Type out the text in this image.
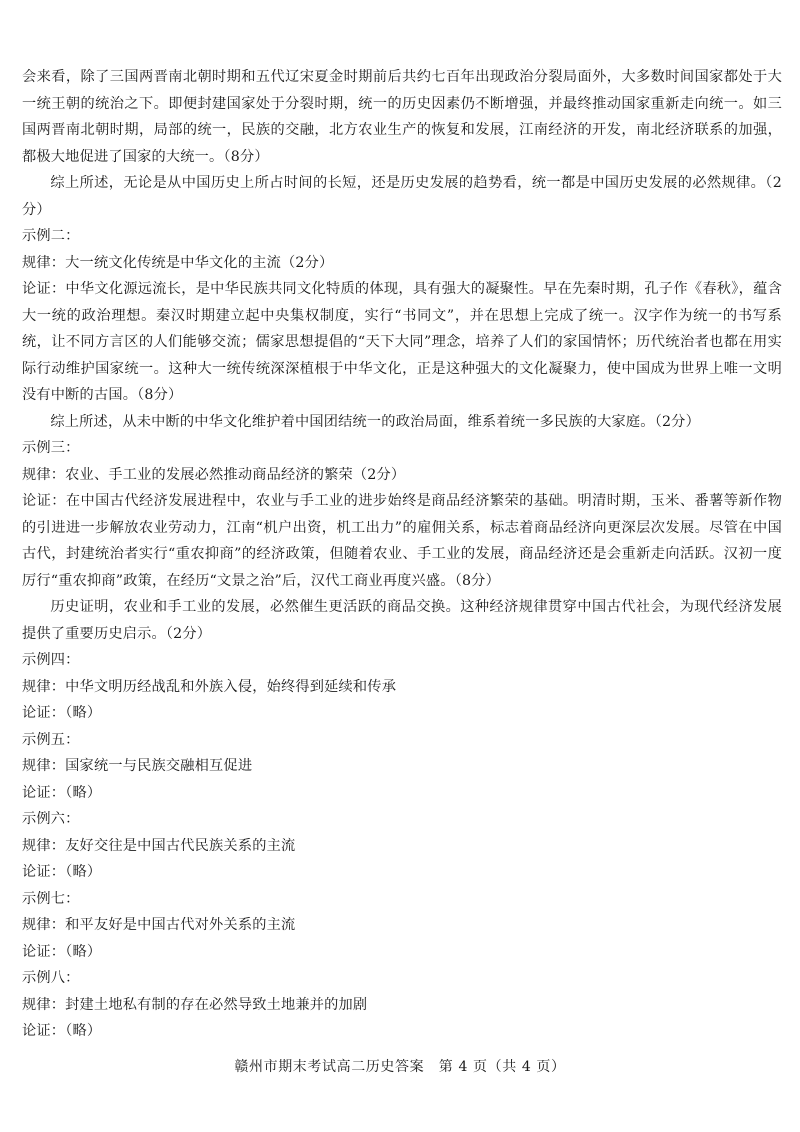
会来看，除了三国两晋南北朝时期和五代辽宋夏金时期前后共约七百年出现政治分裂局面外，大多数时间国家都处于大一统王朝的统治之下。即便封建国家处于分裂时期，统一的历史因素仍不断增强，并最终推动国家重新走向统一。如三国两晋南北朝时期，局部的统一，民族的交融，北方农业生产的恢复和发展，江南经济的开发，南北经济联系的加强，都极大地促进了国家的大统一。（8分）

综上所述，无论是从中国历史上所占时间的长短，还是历史发展的趋势看，统一都是中国历史发展的必然规律。（2分）

示例二：

规律：大一统文化传统是中华文化的主流（2分）

论证：中华文化源远流长，是中华民族共同文化特质的体现，具有强大的凝聚性。早在先秦时期，孔子作《春秋》，蕴含大一统的政治理想。秦汉时期建立起中央集权制度，实行“书同文”，并在思想上完成了统一。汉字作为统一的书写系统，让不同方言区的人们能够交流；儒家思想提倡的“天下大同”理念，培养了人们的家国情怀；历代统治者也都在用实际行动维护国家统一。这种大一统传统深深植根于中华文化，正是这种强大的文化凝聚力，使中国成为世界上唯一文明没有中断的古国。（8分）

综上所述，从未中断的中华文化维护着中国团结统一的政治局面，维系着统一多民族的大家庭。（2分）

示例三：

规律：农业、手工业的发展必然推动商品经济的繁荣（2分）

论证：在中国古代经济发展进程中，农业与手工业的进步始终是商品经济繁荣的基础。明清时期，玉米、番薯等新作物的引进进一步解放农业劳动力，江南“机户出资，机工出力”的雇佣关系，标志着商品经济向更深层次发展。尽管在中国古代，封建统治者实行“重农抑商”的经济政策，但随着农业、手工业的发展，商品经济还是会重新走向活跃。汉初一度厉行“重农抑商”政策，在经历“文景之治”后，汉代工商业再度兴盛。（8分）

历史证明，农业和手工业的发展，必然催生更活跃的商品交换。这种经济规律贯穿中国古代社会，为现代经济发展提供了重要历史启示。（2分）

示例四：

规律：中华文明历经战乱和外族入侵，始终得到延续和传承

论证：（略）

示例五：

规律：国家统一与民族交融相互促进

论证：（略）

示例六：

规律：友好交往是中国古代民族关系的主流

论证：（略）

示例七：

规律：和平友好是中国古代对外关系的主流

论证：（略）

示例八：

规律：封建土地私有制的存在必然导致土地兼并的加剧

论证：（略）

赣州市期末考试高二历史答案　第 4 页（共 4 页）
